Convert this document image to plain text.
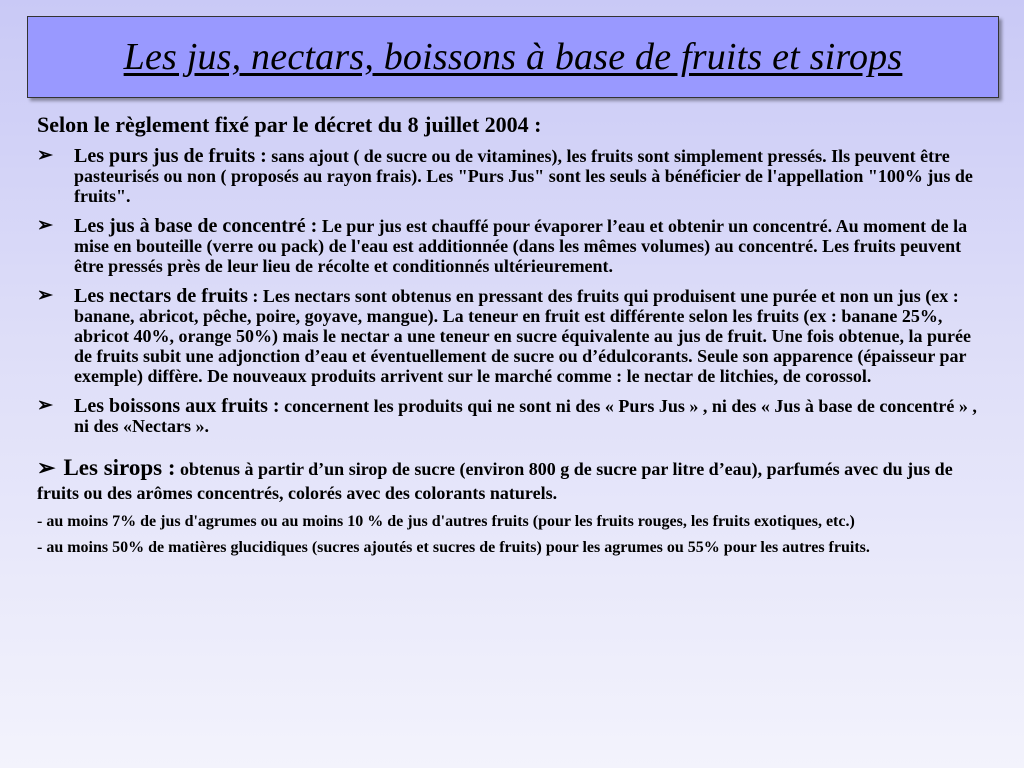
Les jus, nectars, boissons à base de fruits et sirops

Selon le règlement fixé par le décret du 8 juillet 2004 :

➢ Les purs jus de fruits : sans ajout ( de sucre ou de vitamines), les fruits sont simplement pressés. Ils peuvent être pasteurisés ou non ( proposés au rayon frais). Les "Purs Jus" sont les seuls à bénéficier de l'appellation "100% jus de fruits".
➢ Les jus à base de concentré : Le pur jus est chauffé pour évaporer l’eau et obtenir un concentré. Au moment de la mise en bouteille (verre ou pack) de l'eau est additionnée (dans les mêmes volumes) au concentré. Les fruits peuvent être pressés près de leur lieu de récolte et conditionnés ultérieurement.
➢ Les nectars de fruits : Les nectars sont obtenus en pressant des fruits qui produisent une purée et non un jus (ex : banane, abricot, pêche, poire, goyave, mangue). La teneur en fruit est différente selon les fruits (ex : banane 25%, abricot 40%, orange 50%) mais le nectar a une teneur en sucre équivalente au jus de fruit. Une fois obtenue, la purée de fruits subit une adjonction d’eau et éventuellement de sucre ou d’édulcorants. Seule son apparence (épaisseur par exemple) diffère. De nouveaux produits arrivent sur le marché comme : le nectar de litchies, de corossol.
➢ Les boissons aux fruits : concernent les produits qui ne sont ni des « Purs Jus » , ni des « Jus à base de concentré » , ni des «Nectars ».
➢ Les sirops : obtenus à partir d’un sirop de sucre (environ 800 g de sucre par litre d’eau), parfumés avec du jus de fruits ou des arômes concentrés, colorés avec des colorants naturels.

- au moins 7% de jus d'agrumes ou au moins 10 % de jus d'autres fruits (pour les fruits rouges, les fruits exotiques, etc.)

- au moins 50% de matières glucidiques (sucres ajoutés et sucres de fruits) pour les agrumes ou 55% pour les autres fruits.
